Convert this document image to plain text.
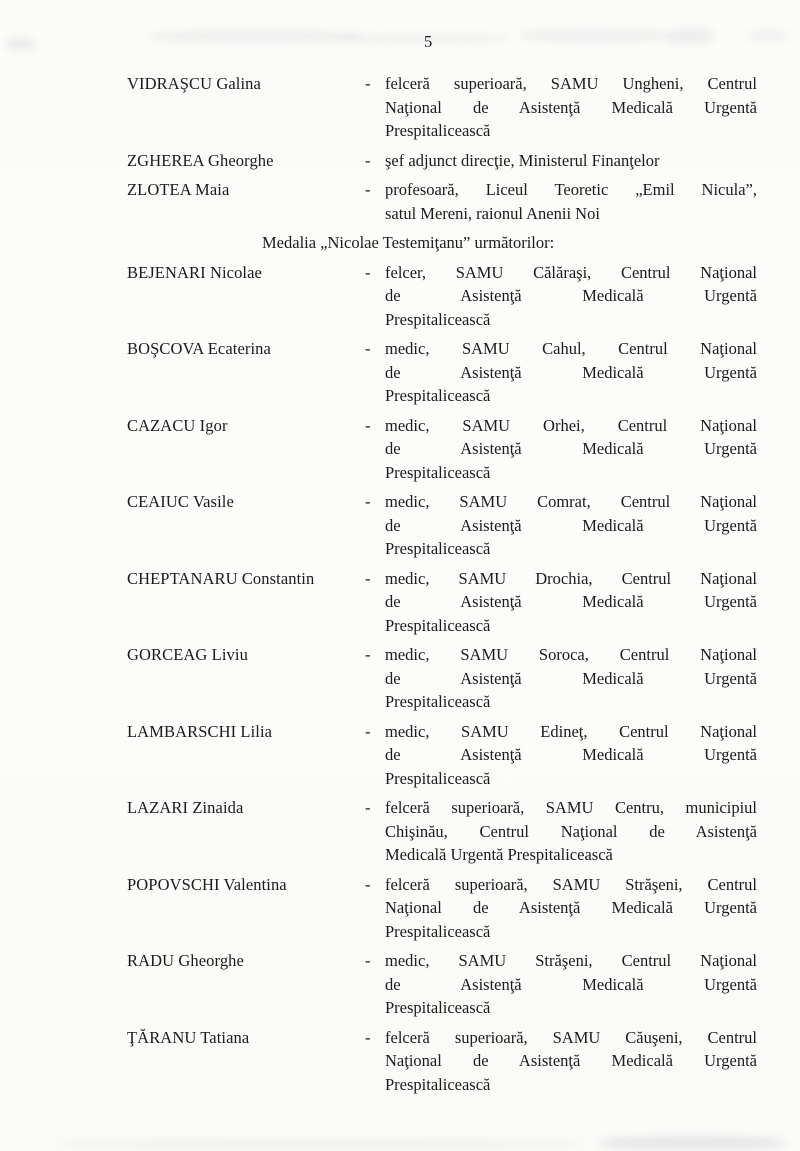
5
VIDRAŞCU Galina	- felceră superioară, SAMU Ungheni, Centrul
Naţional de Asistenţă Medicală Urgentă
Prespitalicească
ZGHEREA Gheorghe	- şef adjunct direcţie, Ministerul Finanţelor
ZLOTEA Maia	- profesoară, Liceul Teoretic „Emil Nicula”,
satul Mereni, raionul Anenii Noi
Medalia „Nicolae Testemiţanu” următorilor:
BEJENARI Nicolae	- felcer, SAMU Călăraşi, Centrul Naţional
de Asistenţă Medicală Urgentă
Prespitalicească
BOŞCOVA Ecaterina	- medic, SAMU Cahul, Centrul Naţional
de Asistenţă Medicală Urgentă
Prespitalicească
CAZACU Igor	- medic, SAMU Orhei, Centrul Naţional
de Asistenţă Medicală Urgentă
Prespitalicească
CEAIUC Vasile	- medic, SAMU Comrat, Centrul Naţional
de Asistenţă Medicală Urgentă
Prespitalicească
CHEPTANARU Constantin	- medic, SAMU Drochia, Centrul Naţional
de Asistenţă Medicală Urgentă
Prespitalicească
GORCEAG Liviu	- medic, SAMU Soroca, Centrul Naţional
de Asistenţă Medicală Urgentă
Prespitalicească
LAMBARSCHI Lilia	- medic, SAMU Edineţ, Centrul Naţional
de Asistenţă Medicală Urgentă
Prespitalicească
LAZARI Zinaida	- felceră superioară, SAMU Centru, municipiul
Chişinău, Centrul Naţional de Asistenţă
Medicală Urgentă Prespitalicească
POPOVSCHI Valentina	- felceră superioară, SAMU Străşeni, Centrul
Naţional de Asistenţă Medicală Urgentă
Prespitalicească
RADU Gheorghe	- medic, SAMU Străşeni, Centrul Naţional
de Asistenţă Medicală Urgentă
Prespitalicească
ŢĂRANU Tatiana	- felceră superioară, SAMU Căuşeni, Centrul
Naţional de Asistenţă Medicală Urgentă
Prespitalicească
